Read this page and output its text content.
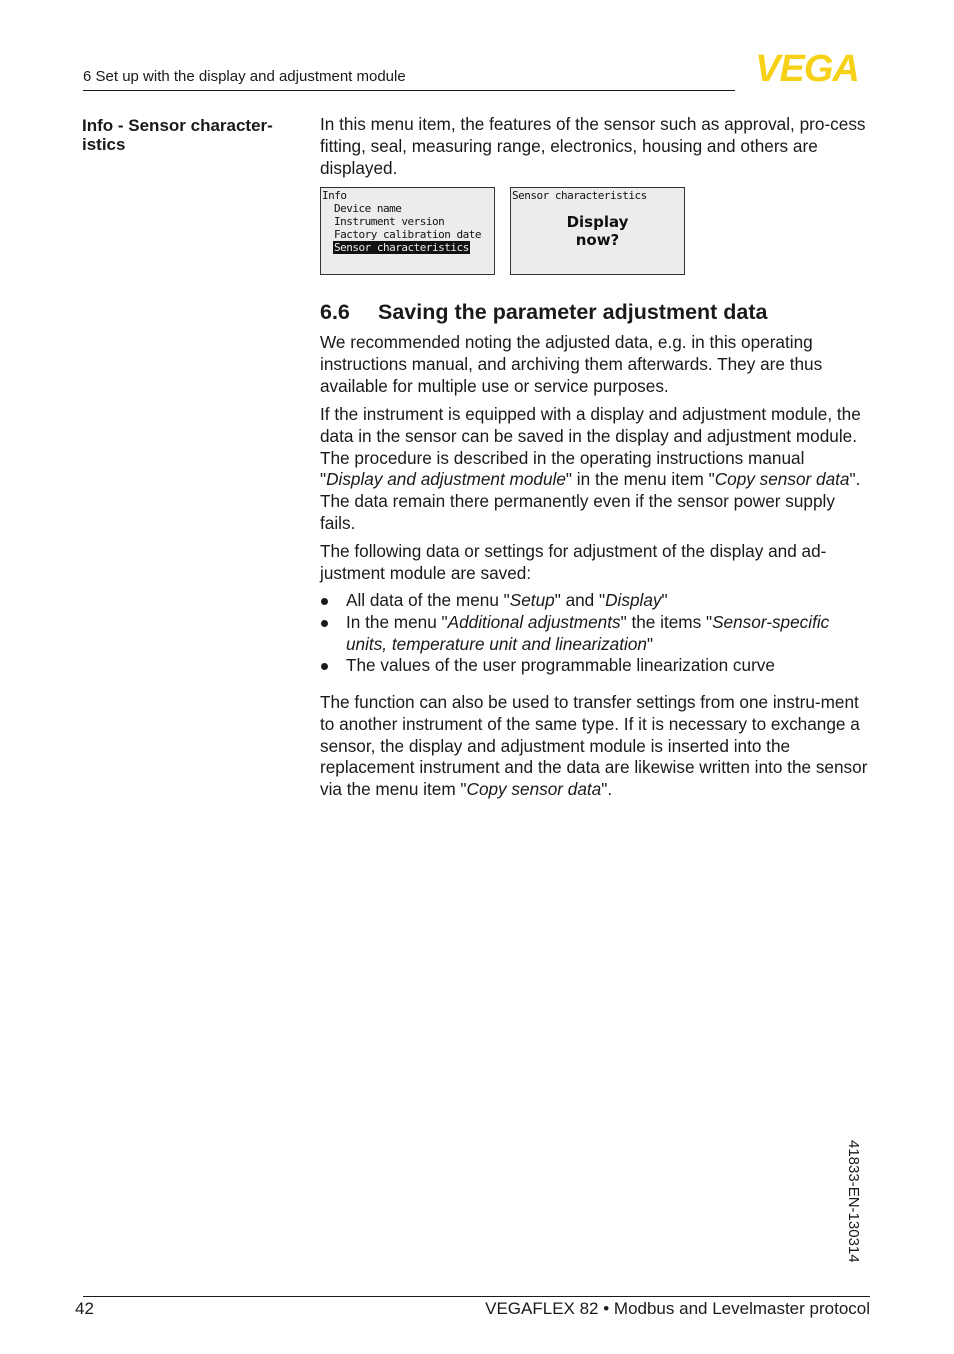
6 Set up with the display and adjustment module	VEGA
Info - Sensor character-
istics

In this menu item, the features of the sensor such as approval, pro-cess fitting, seal, measuring range, electronics, housing and others are displayed.

Info
Device name
Instrument version
Factory calibration date
Sensor characteristics
Sensor characteristics
Display
now?
6.6 Saving the parameter adjustment data

We recommended noting the adjusted data, e.g. in this operating instructions manual, and archiving them afterwards. They are thus available for multiple use or service purposes.

If the instrument is equipped with a display and adjustment module, the data in the sensor can be saved in the display and adjustment module. The procedure is described in the operating instructions manual "Display and adjustment module" in the menu item "Copy sensor data". The data remain there permanently even if the sensor power supply fails.

The following data or settings for adjustment of the display and ad-justment module are saved:

All data of the menu "Setup" and "Display"
In the menu "Additional adjustments" the items "Sensor-specific units, temperature unit and linearization"
The values of the user programmable linearization curve

The function can also be used to transfer settings from one instru-ment to another instrument of the same type. If it is necessary to exchange a sensor, the display and adjustment module is inserted into the replacement instrument and the data are likewise written into the sensor via the menu item "Copy sensor data".

41833-EN-130314
42	VEGAFLEX 82 • Modbus and Levelmaster protocol
